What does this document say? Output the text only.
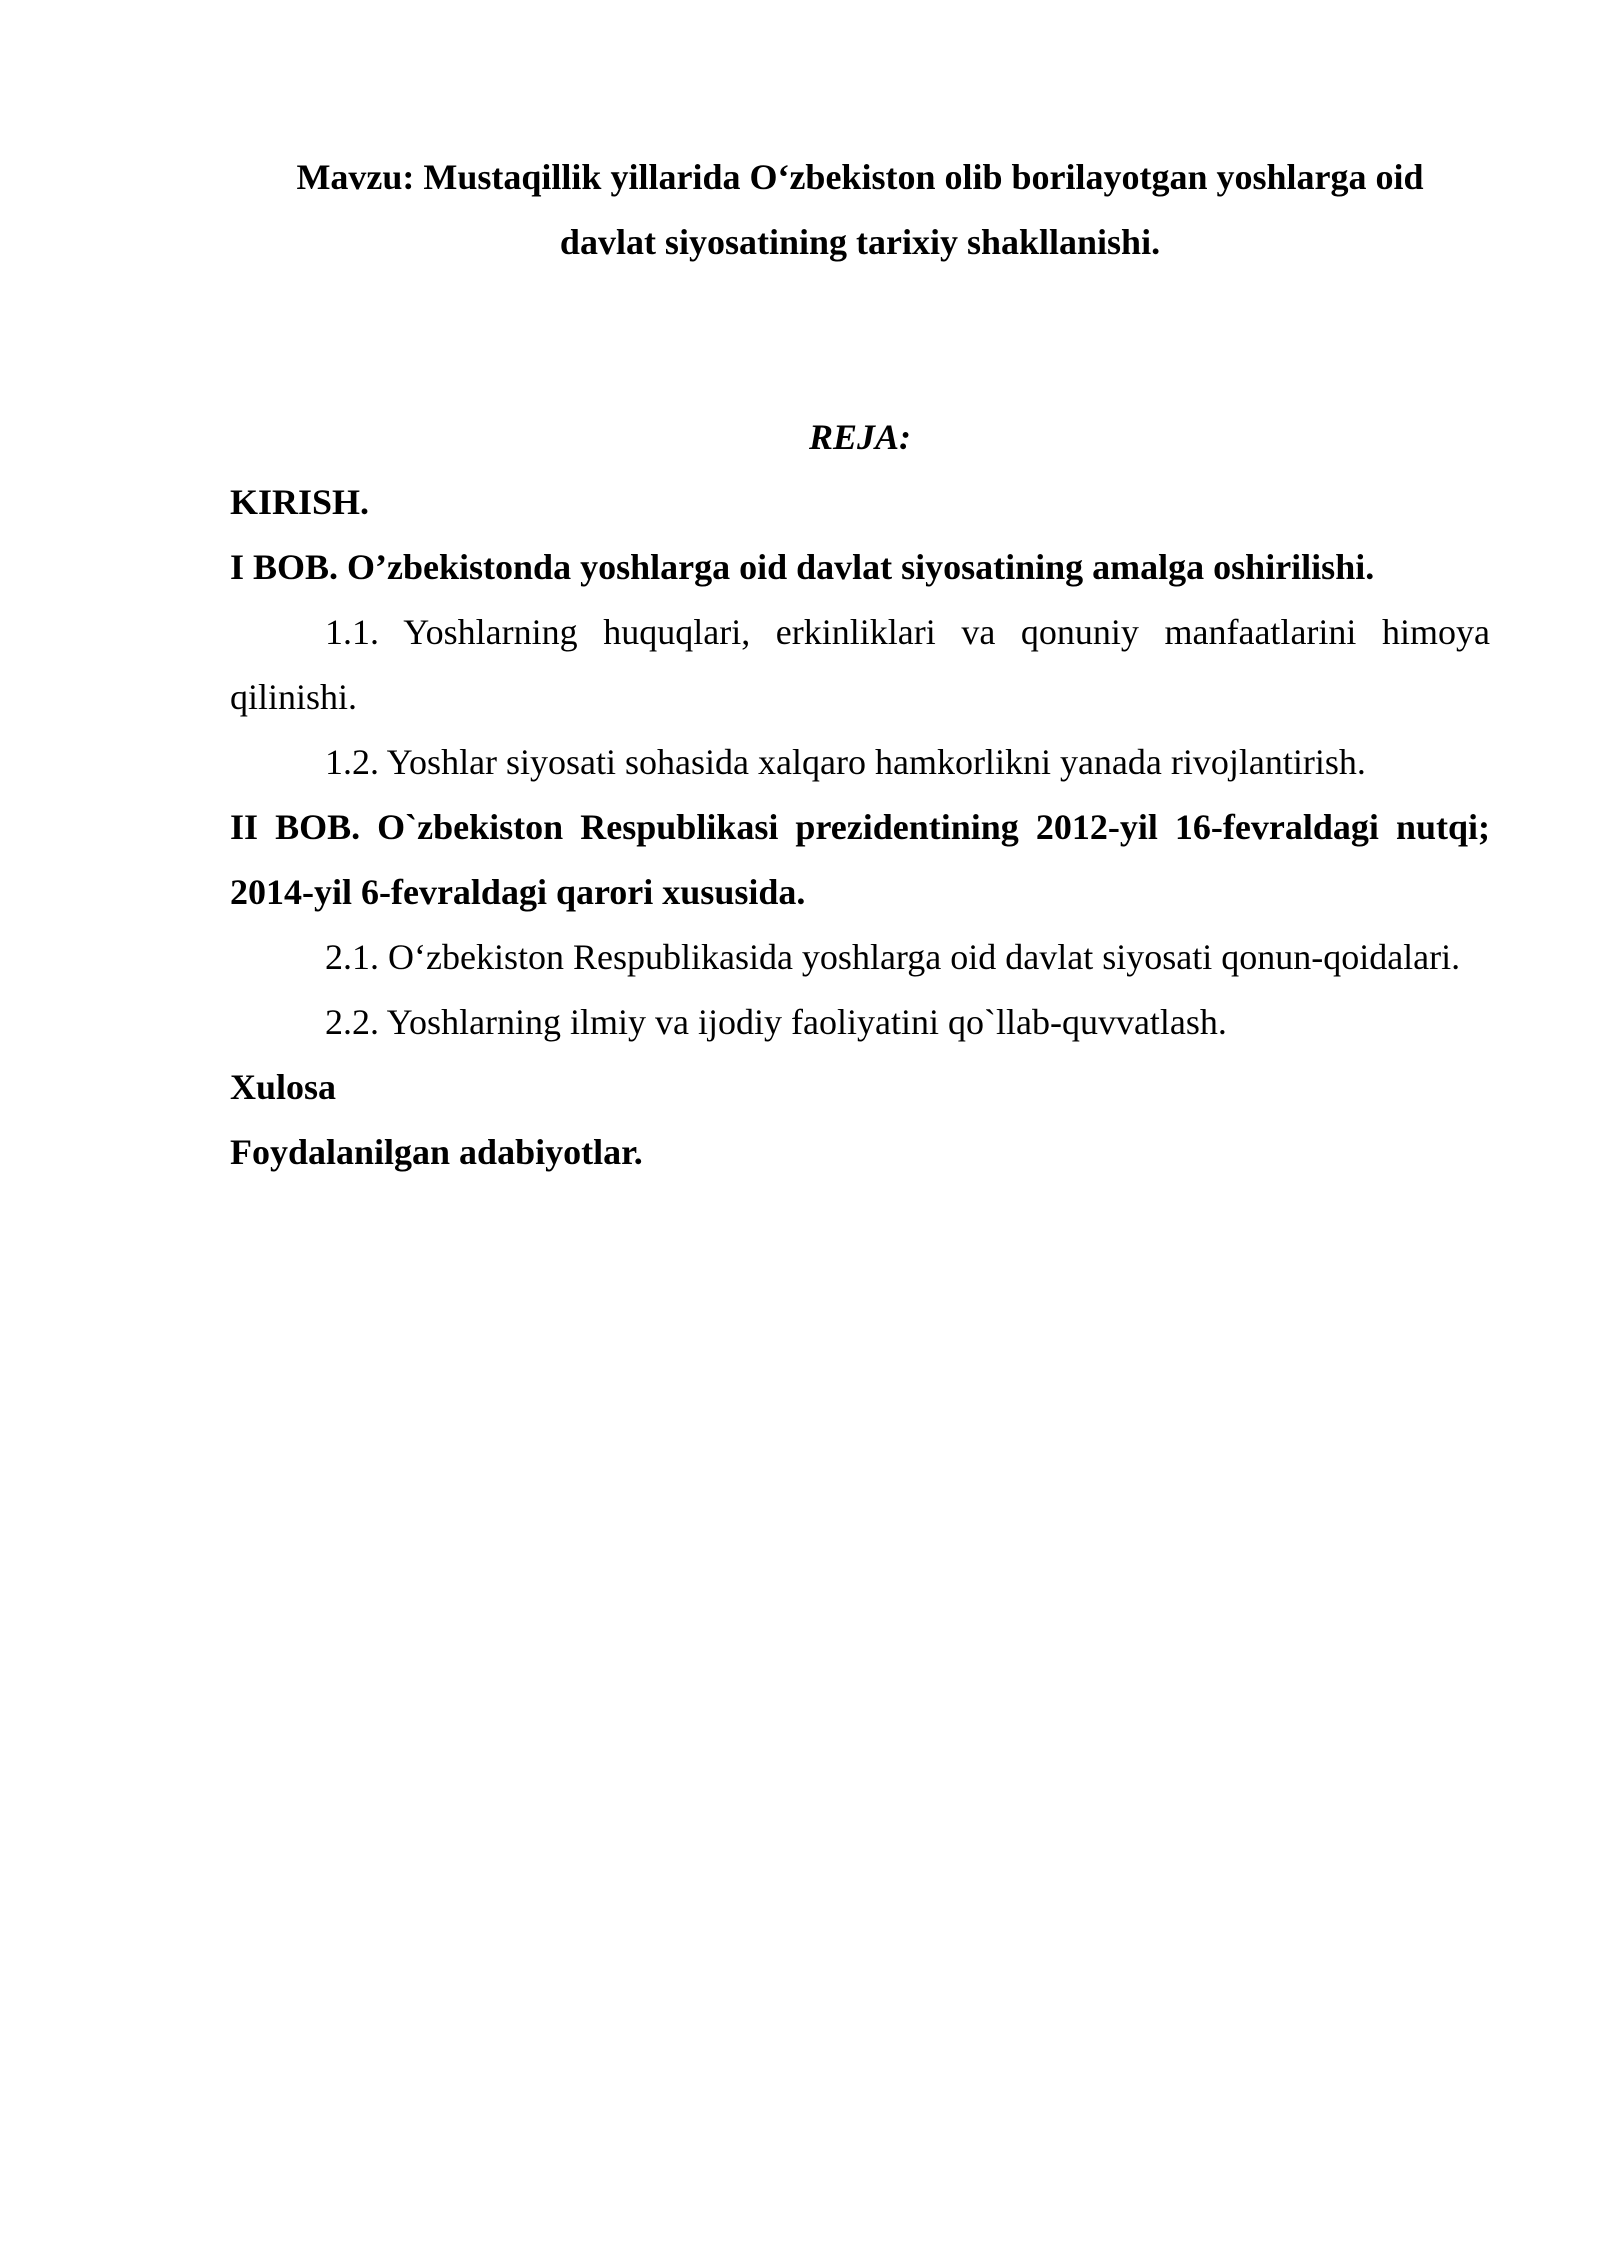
Mavzu: Mustaqillik yillarida O‘zbekiston olib borilayotgan yoshlarga oid
davlat siyosatining tarixiy shakllanishi.
REJA:

KIRISH.

I BOB. O’zbekistonda yoshlarga oid davlat siyosatining amalga oshirilishi.

1.1. Yoshlarning huquqlari, erkinliklari va qonuniy manfaatlarini himoya qilinishi.

1.2. Yoshlar siyosati sohasida xalqaro hamkorlikni yanada rivojlantirish.

II BOB. O`zbekiston Respublikasi prezidentining 2012-yil 16-fevraldagi nutqi; 2014-yil 6-fevraldagi qarori xususida.

2.1. O‘zbekiston Respublikasida yoshlarga oid davlat siyosati qonun-qoidalari.

2.2. Yoshlarning ilmiy va ijodiy faoliyatini qo`llab-quvvatlash.

Xulosa

Foydalanilgan adabiyotlar.
